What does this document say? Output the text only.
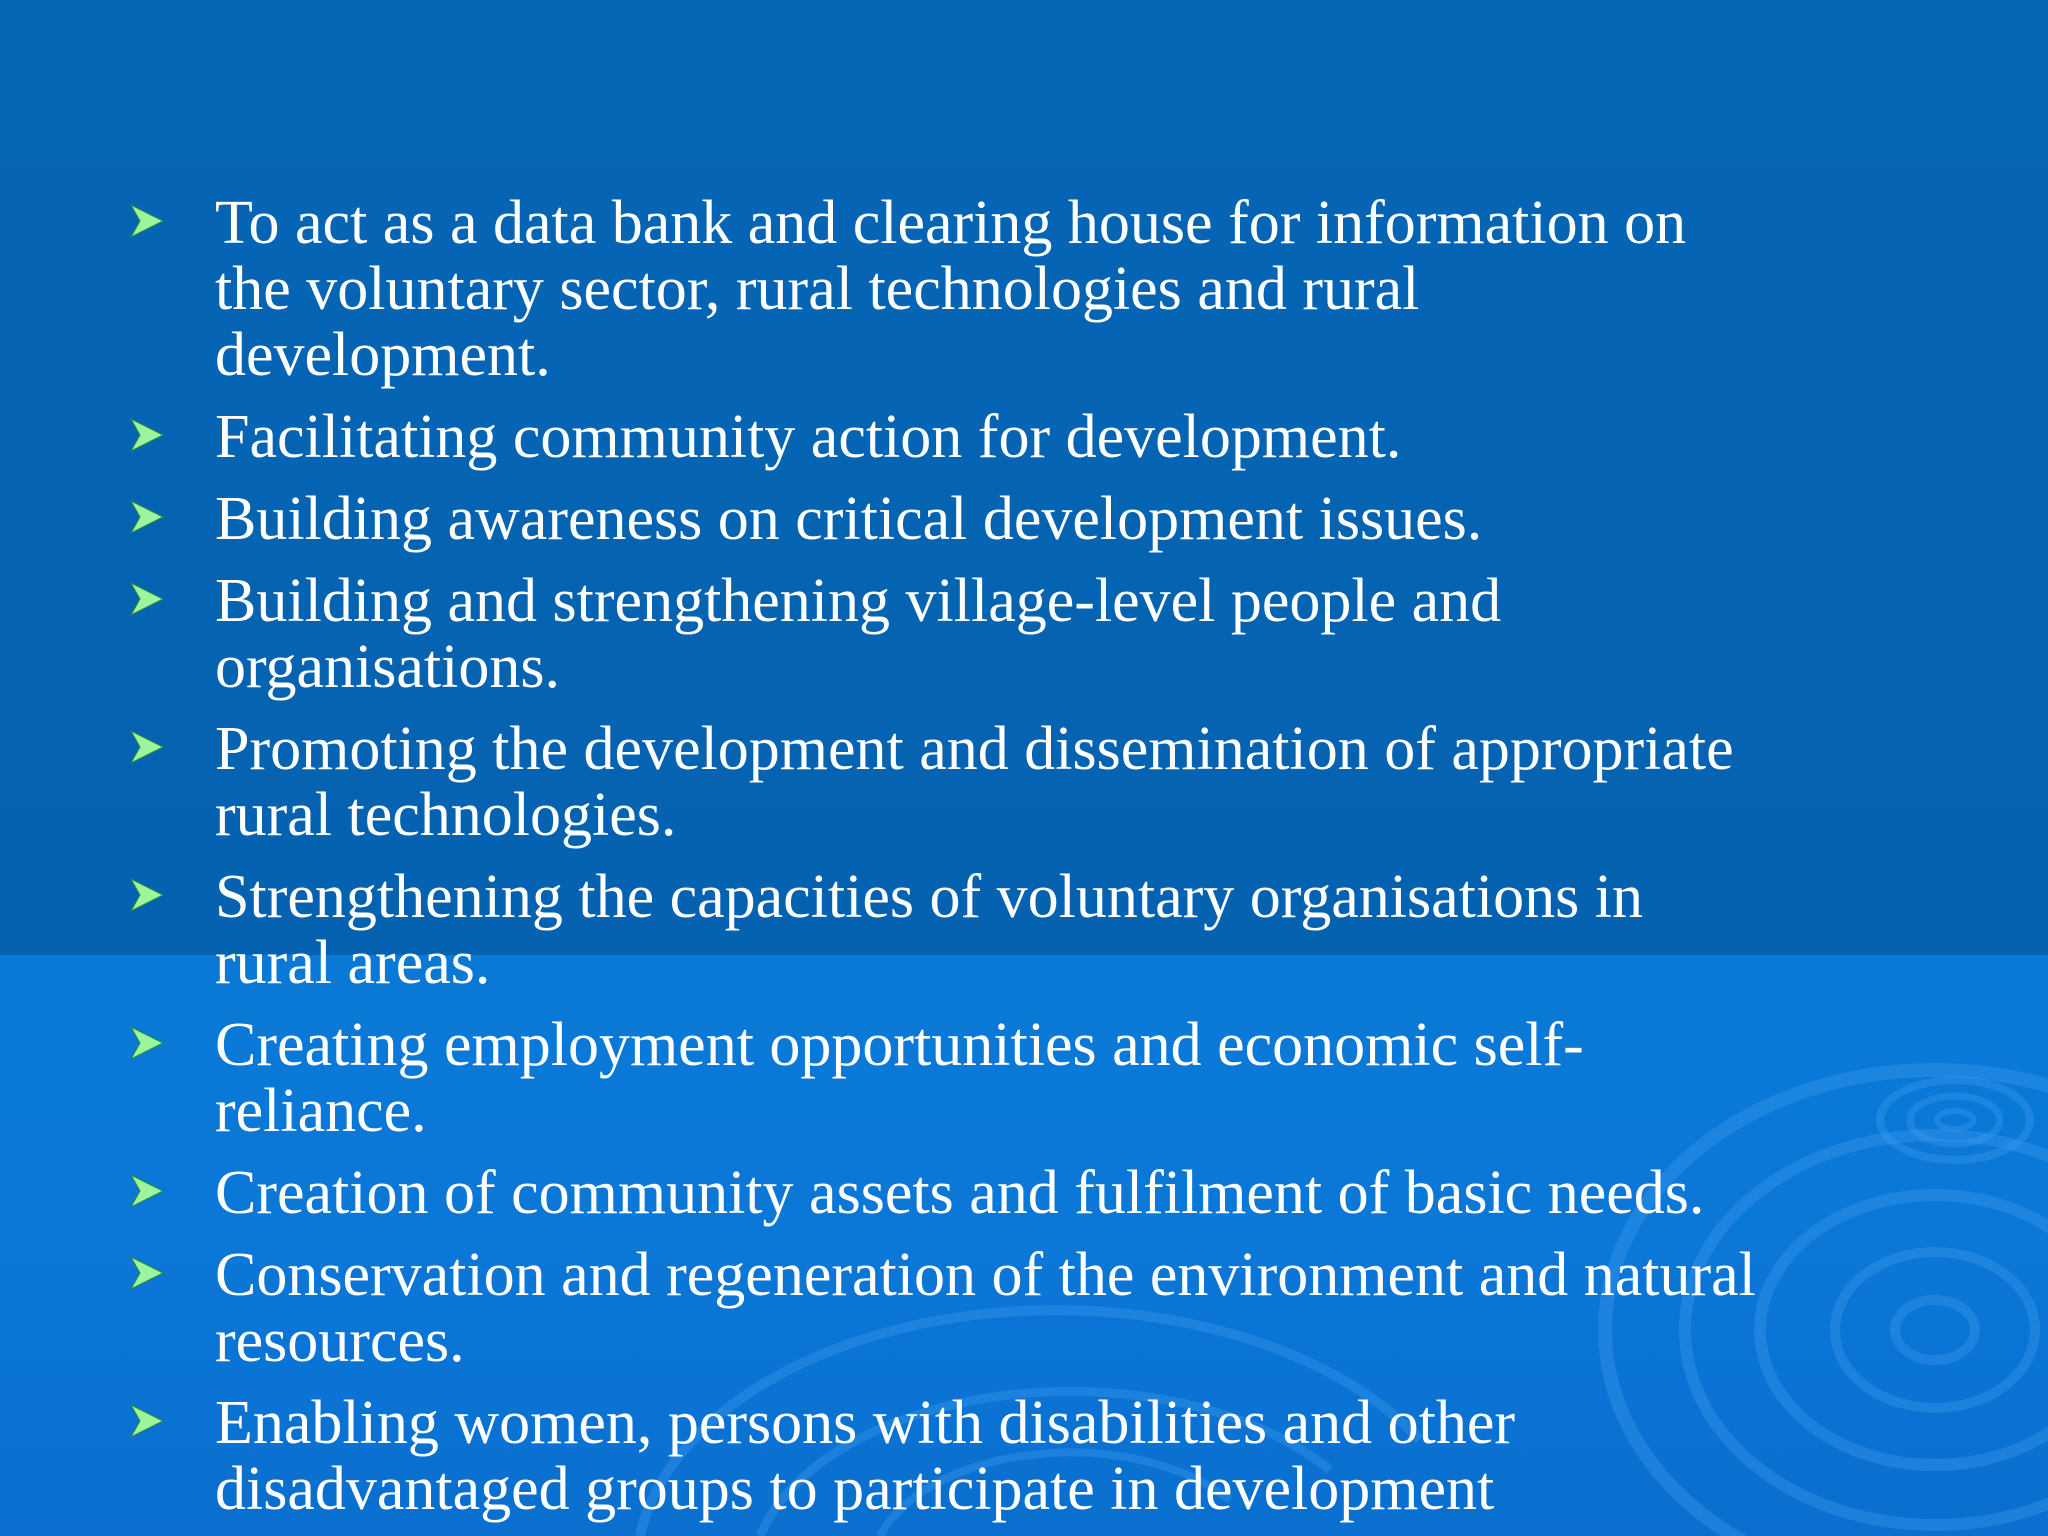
To act as a data bank and clearing house for information on
the voluntary sector, rural technologies and rural
development.
Facilitating community action for development.
Building awareness on critical development issues.
Building and strengthening village-level people and
organisations.
Promoting the development and dissemination of appropriate
rural technologies.
Strengthening the capacities of voluntary organisations in
rural areas.
Creating employment opportunities and economic self-
reliance.
Creation of community assets and fulfilment of basic needs.
Conservation and regeneration of the environment and natural
resources.
Enabling women, persons with disabilities and other
disadvantaged groups to participate in development
